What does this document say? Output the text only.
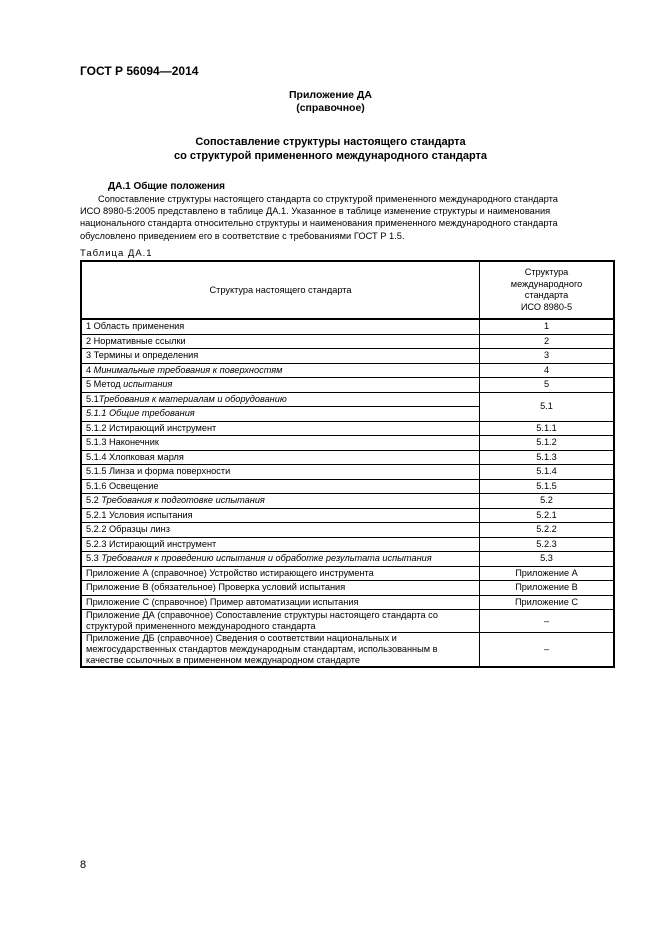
ГОСТ Р 56094—2014
Приложение ДА
(справочное)
Сопоставление структуры настоящего стандарта
со структурой примененного международного стандарта
ДА.1 Общие положения
Сопоставление структуры настоящего стандарта со структурой примененного международного стандарта
ИСО 8980-5:2005 представлено в таблице ДА.1. Указанное в таблице изменение структуры и наименования
национального стандарта относительно структуры и наименования примененного международного стандарта
обусловлено приведением его в соответствие с требованиями ГОСТ Р 1.5.
Таблица ДА.1
Структура настоящего стандарта	Структура
международного
стандарта
ИСО 8980-5

1 Область применения	1
2 Нормативные ссылки	2
3 Термины и определения	3
4 Минимальные требования к поверхностям	4
5 Метод испытания	5
5.1Требования к материалам и оборудованию	5.1
5.1.1 Общие требования	
5.1.2 Истирающий инструмент	5.1.1
5.1.3 Наконечник	5.1.2
5.1.4 Хлопковая марля	5.1.3
5.1.5 Линза и форма поверхности	5.1.4
5.1.6 Освещение	5.1.5
5.2 Требования к подготовке испытания	5.2
5.2.1 Условия испытания	5.2.1
5.2.2 Образцы линз	5.2.2
5.2.3 Истирающий инструмент	5.2.3
5.3 Требования к проведению испытания и обработке результата испытания	5.3
Приложение А (справочное) Устройство истирающего инструмента	Приложение А
Приложение В (обязательное) Проверка условий испытания	Приложение В
Приложение С (справочное) Пример автоматизации испытания	Приложение С

Приложение ДА (справочное) Сопоставление структуры настоящего стандарта со
структурой примененного международного стандарта	–

Приложение ДБ (справочное) Сведения о соответствии национальных и
межгосударственных стандартов международным стандартам, использованным в
качестве ссылочных в примененном международном стандарте	–
8
